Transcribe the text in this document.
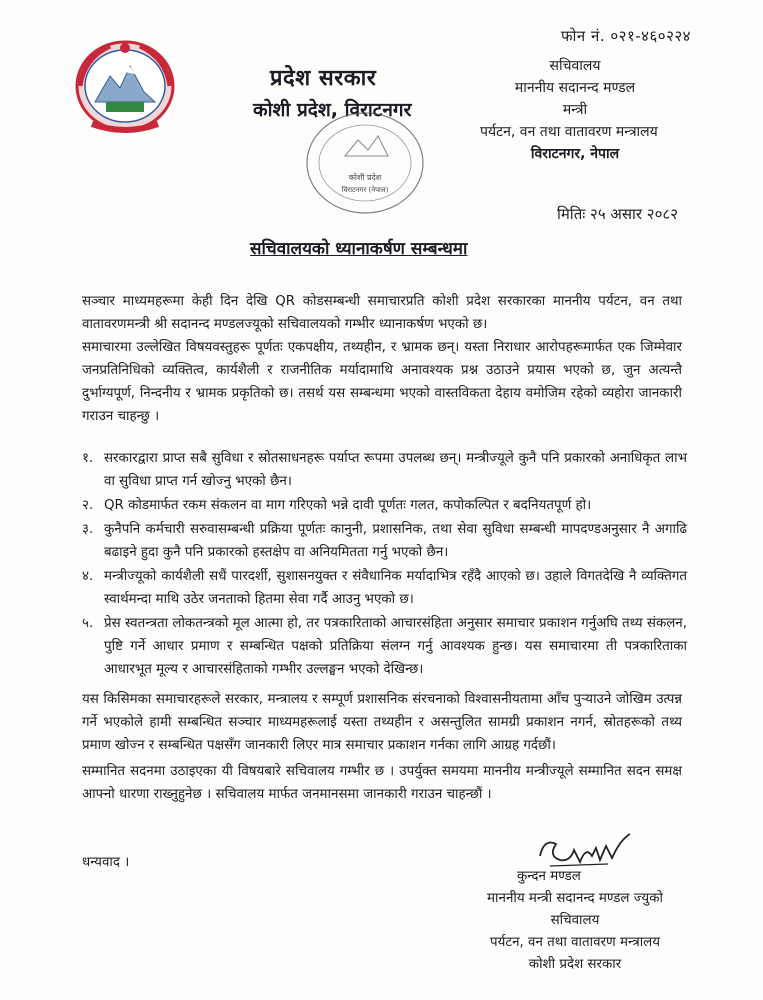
फोन नं. ०२१-४६०२२४
प्रदेश सरकार
कोशी प्रदेश, विराटनगर
सचिवालय
माननीय सदानन्द मण्डल
मन्त्री
पर्यटन, वन तथा वातावरण मन्त्रालय
विराटनगर, नेपाल
कोशी प्रदेश
विराटनगर (नेपाल)
मितिः २५ असार २०८२
सचिवालयको ध्यानाकर्षण सम्बन्धमा
सञ्चार माध्यमहरूमा केही दिन देखि QR कोडसम्बन्धी समाचारप्रति कोशी प्रदेश सरकारका माननीय पर्यटन, वन तथा वातावरणमन्त्री श्री सदानन्द मण्डलज्यूको सचिवालयको गम्भीर ध्यानाकर्षण भएको छ।
समाचारमा उल्लेखित विषयवस्तुहरू पूर्णतः एकपक्षीय, तथ्यहीन, र भ्रामक छन्। यस्ता निराधार आरोपहरूमार्फत एक जिम्मेवार जनप्रतिनिधिको व्यक्तित्व, कार्यशैली र राजनीतिक मर्यादामाथि अनावश्यक प्रश्न उठाउने प्रयास भएको छ, जुन अत्यन्तै दुर्भाग्यपूर्ण, निन्दनीय र भ्रामक प्रकृतिको छ। तसर्थ यस सम्बन्धमा भएको वास्तविकता देहाय वमोजिम रहेको व्यहोरा जानकारी गराउन चाहन्छु ।
१. सरकारद्वारा प्राप्त सबै सुविधा र स्रोतसाधनहरू पर्याप्त रूपमा उपलब्ध छन्। मन्त्रीज्यूले कुनै पनि प्रकारको अनाधिकृत लाभ वा सुविधा प्राप्त गर्न खोज्नु भएको छैन।
२. QR कोडमार्फत रकम संकलन वा माग गरिएको भन्ने दावी पूर्णतः गलत, कपोकल्पित र बदनियतपूर्ण हो।
३. कुनैपनि कर्मचारी सरुवासम्बन्धी प्रक्रिया पूर्णतः कानुनी, प्रशासनिक, तथा सेवा सुविधा सम्बन्धी मापदण्डअनुसार नै अगाढि बढाइने हुदा कुनै पनि प्रकारको हस्तक्षेप वा अनियमितता गर्नु भएको छैन।
४. मन्त्रीज्यूको कार्यशैली सधैं पारदर्शी, सुशासनयुक्त र संवैधानिक मर्यादाभित्र रहँदै आएको छ। उहाले विगतदेखि नै व्यक्तिगत स्वार्थमन्दा माथि उठेर जनताको हितमा सेवा गर्दै आउनु भएको छ।
५. प्रेस स्वतन्त्रता लोकतन्त्रको मूल आत्मा हो, तर पत्रकारिताको आचारसंहिता अनुसार समाचार प्रकाशन गर्नुअघि तथ्य संकलन, पुष्टि गर्ने आधार प्रमाण र सम्बन्धित पक्षको प्रतिक्रिया संलग्न गर्नु आवश्यक हुन्छ। यस समाचारमा ती पत्रकारिताका आधारभूत मूल्य र आचारसंहिताको गम्भीर उल्लङ्घन भएको देखिन्छ।
यस किसिमका समाचारहरूले सरकार, मन्त्रालय र सम्पूर्ण प्रशासनिक संरचनाको विश्वासनीयतामा आँच पुऱ्याउने जोखिम उत्पन्न गर्ने भएकोले हामी सम्बन्धित सञ्चार माध्यमहरूलाई यस्ता तथ्यहीन र असन्तुलित सामग्री प्रकाशन नगर्न, स्रोतहरूको तथ्य प्रमाण खोज्न र सम्बन्धित पक्षसँग जानकारी लिएर मात्र समाचार प्रकाशन गर्नका लागि आग्रह गर्दछौं।
सम्मानित सदनमा उठाइएका यी विषयबारे सचिवालय गम्भीर छ । उपर्युक्त समयमा माननीय मन्त्रीज्यूले सम्मानित सदन समक्ष आफ्नो धारणा राख्नुहुनेछ । सचिवालय मार्फत जनमानसमा जानकारी गराउन चाहन्छौं ।
धन्यवाद ।
कुन्दन मण्डल
माननीय मन्त्री सदानन्द मण्डल ज्युको
सचिवालय
पर्यटन, वन तथा वातावरण मन्त्रालय
कोशी प्रदेश सरकार
